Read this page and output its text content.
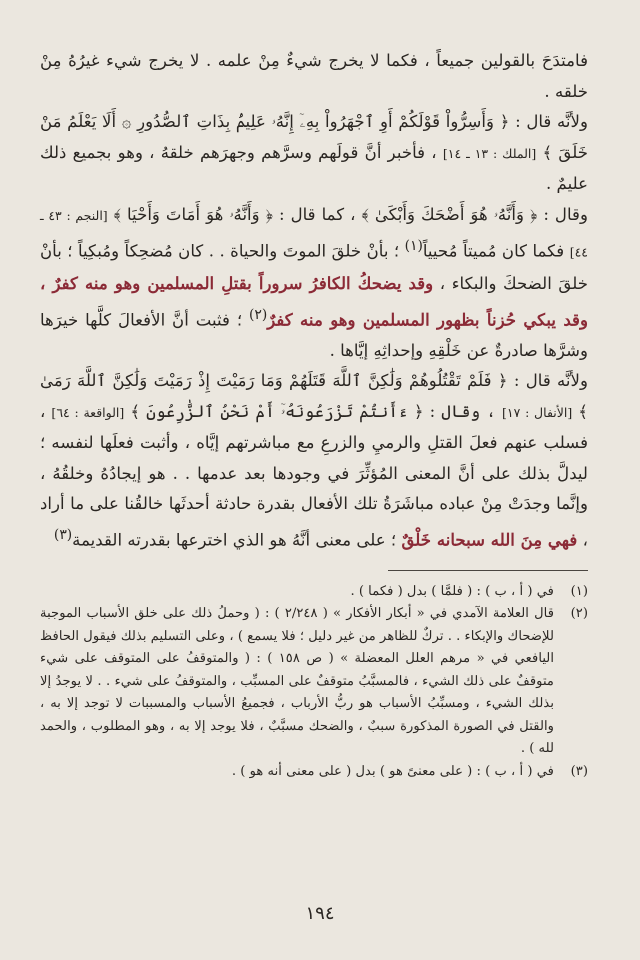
فامتدَحَ بالقولين جميعاً ، فكما لا يخرج شيءٌ مِنْ علمه . لا يخرج شيء غيرُهُ مِنْ خلقه .

ولأنَّه قال : ﴿ وَأَسِرُّواْ قَوْلَكُمْ أَوِ ٱجْهَرُواْ بِهِۦٓ إِنَّهُۥ عَلِيمُۢ بِذَاتِ ٱلصُّدُورِ ۞ أَلَا يَعْلَمُ مَنْ خَلَقَ ﴾ [الملك : ١٣ ـ ١٤] ، فأخبر أنَّ قولَهم وسرَّهم وجهرَهم خلقهُ ، وهو بجميع ذلك عليمٌ .

وقال : ﴿ وَأَنَّهُۥ هُوَ أَضْحَكَ وَأَبْكَىٰ ﴾ ، كما قال : ﴿ وَأَنَّهُۥ هُوَ أَمَاتَ وَأَحْيَا ﴾ [النجم : ٤٣ ـ ٤٤] فكما كان مُميتاً مُحيياً$^{(١)}$ ؛ بأنْ خلقَ الموتَ والحياة . . كان مُضحِكاً ومُبكِياً ؛ بأنْ خلقَ الضحكَ والبكاء ، وقد يضحكُ الكافرُ سروراً بقتلِ المسلمين وهو منه كفرٌ ، وقد يبكي حُزناً بظهور المسلمين وهو منه كفرٌ$^{(٢)}$ ؛ فثبت أنَّ الأفعالَ كلَّها خيرَها وشرَّها صادرةٌ عن خَلْقِهِ وإحداثِهِ إيَّاها .

ولأنَّه قال : ﴿ فَلَمْ تَقْتُلُوهُمْ وَلَٰكِنَّ ٱللَّهَ قَتَلَهُمْ وَمَا رَمَيْتَ إِذْ رَمَيْتَ وَلَٰكِنَّ ٱللَّهَ رَمَىٰ ﴾ [الأنفال : ١٧] ، وقال : ﴿ ءَأَنتُمْ تَزْرَعُونَهُۥٓ أَمْ نَحْنُ ٱلزَّٰرِعُونَ ﴾ [الواقعة : ٦٤] ، فسلب عنهم فعلَ القتلِ والرميِ والزرعِ مع مباشرتهم إيَّاه ، وأثبت فعلَها لنفسه ؛ ليدلَّ بذلك على أنَّ المعنى المُؤثِّرَ في وجودها بعد عدمها . . هو إيجادُهُ وخلقُهُ ، وإنَّما وجدَتْ مِنْ عباده مباشَرَةُ تلك الأفعال بقدرة حادثة أحدثَها خالقُنا على ما أراد ، فهي مِنَ الله سبحانه خَلْقٌ ؛ على معنى أنَّهُ هو الذي اخترعها بقدرته القديمة$^{(٣)}$

(١)
في ( أ ، ب ) : ( فلمَّا ) بدل ( فكما ) .
(٢)
قال العلامة الآمدي في « أبكار الأفكار » ( ٢/٢٤٨ ) : ( وحملُ ذلك على خلق الأسباب الموجبة للإضحاك والإبكاء . . تركٌ للظاهر من غير دليل ؛ فلا يسمع ) ، وعلى التسليم بذلك فيقول الحافظ اليافعي في « مرهم العلل المعضلة » ( ص ١٥٨ ) : ( والمتوقفُ على المتوقف على شيء متوقفٌ على ذلك الشيء ، فالمسبَّبُ متوقفٌ على المسبِّب ، والمتوقفُ على شيء . . لا يوجدُ إلا بذلك الشيء ، ومسبِّبُ الأسباب هو ربُّ الأرباب ، فجميعُ الأسباب والمسببات لا توجد إلا به ، والقتل في الصورة المذكورة سببٌ ، والضحك مسبَّبٌ ، فلا يوجد إلا به ، وهو المطلوب ، والحمد لله ) .
(٣)
في ( أ ، ب ) : ( على معنىً هو ) بدل ( على معنى أنه هو ) .
١٩٤
